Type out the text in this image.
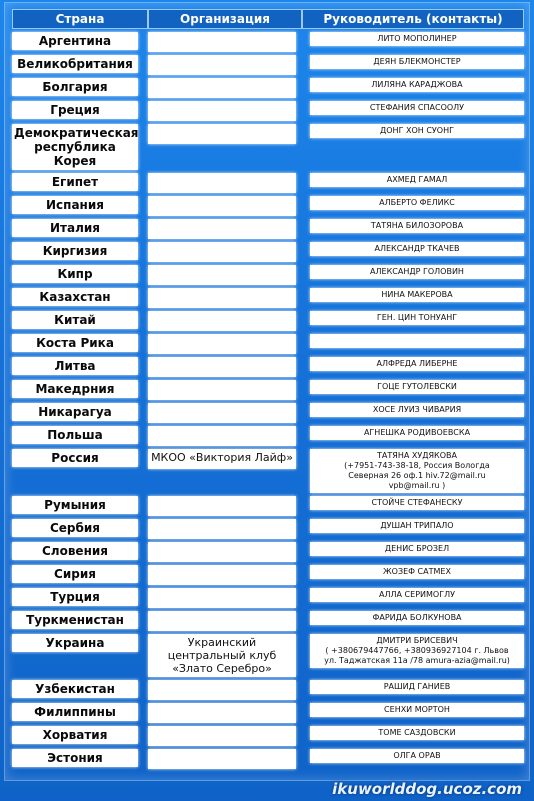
Страна	Организация	Руководитель (контакты)

Аргентина		ЛИТО МОПОЛИНЕР

Великобритания		ДЕЯН БЛЕКМОНСТЕР

Болгария		ЛИЛЯНА КАРАДЖОВА

Греция		СТЕФАНИЯ СПАСООЛУ

Демократическая республика Корея		ДОНГ ХОН СУОНГ

Египет		АХМЕД ГАМАЛ

Испания		АЛБЕРТО ФЕЛИКС

Италия		ТАТЯНА БИЛОЗОРОВА

Киргизия		АЛЕКСАНДР ТКАЧЕВ

Кипр		АЛЕКСАНДР ГОЛОВИН

Казахстан		НИНА МАКЕРОВА

Китай		ГЕН. ЦИН ТОНУАНГ

Коста Рика		

Литва		АЛФРЕДА ЛИБЕРНЕ

Македрния		ГОЦЕ ГУТОЛЕВСКИ

Никарагуа		ХОСЕ ЛУИЗ ЧИВАРИЯ

Польша		АГНЕШКА РОДИВОЕВСКА

Россия	МКОО «Виктория Лайф»	ТАТЯНА ХУДЯКОВА
(+7951-743-38-18, Россия Вологда
Северная 26 оф.1 hiv.72@mail.ru
vpb@mail.ru )

Румыния		СТОЙЧЕ СТЕФАНЕСКУ

Сербия		ДУШАН ТРИПАЛО

Словения		ДЕНИС БРОЗЕЛ

Сирия		ЖОЗЕФ САТМЕХ

Турция		АЛЛА СЕРИМОГЛУ

Туркменистан		ФАРИДА БОЛКУНОВА

Украина	Украинский центральный клуб «Злато Серебро»	ДМИТРИ БРИСЕВИЧ
( +380679447766, +380936927104 г. Львов
ул. Таджатская 11а /78 amura-azia@mail.ru)

Узбекистан		РАШИД ГАНИЕВ

Филиппины		СЕНХИ МОРТОН

Хорватия		ТОМЕ САЗДОВСКИ

Эстония		ОЛГА ОРАВ
ikuworlddog.ucoz.com
